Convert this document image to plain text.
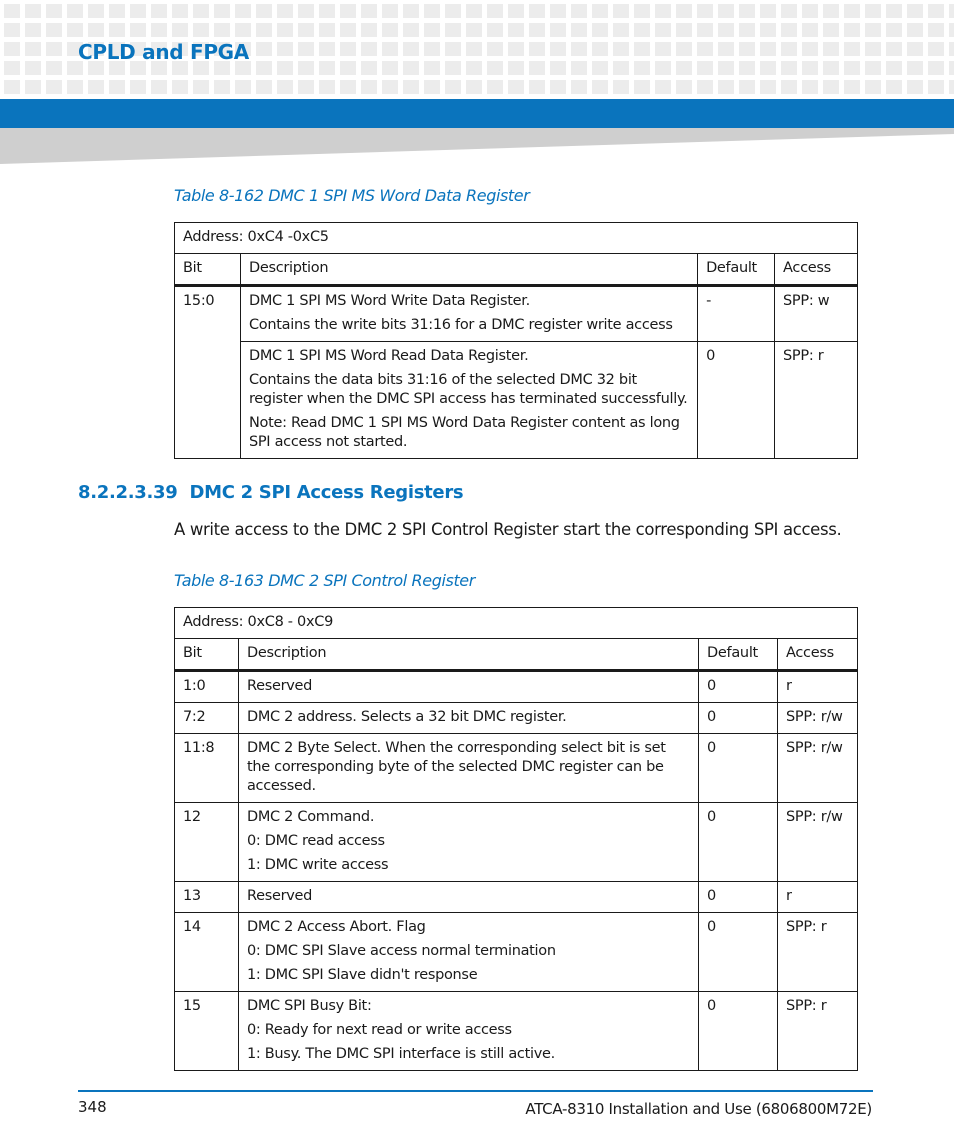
CPLD and FPGA

Table 8-162 DMC 1 SPI MS Word Data Register

Address: 0xC4 -0xC5			
Bit	Description	Default	Access
15:0	DMC 1 SPI MS Word Write Data Register.

Contains the write bits 31:16 for a DMC register write access	-	SPP: w

	DMC 1 SPI MS Word Read Data Register.

Contains the data bits 31:16 of the selected DMC 32 bit register when the DMC SPI access has terminated successfully.

Note: Read DMC 1 SPI MS Word Data Register content as long SPI access not started.	0	SPP: r
8.2.2.3.39 DMC 2 SPI Access Registers

A write access to the DMC 2 SPI Control Register start the corresponding SPI access.

Table 8-163 DMC 2 SPI Control Register

Address: 0xC8 - 0xC9			
Bit	Description	Default	Access
1:0	Reserved	0	r
7:2	DMC 2 address. Selects a 32 bit DMC register.	0	SPP: r/w
11:8	DMC 2 Byte Select. When the corresponding select bit is set the corresponding byte of the selected DMC register can be accessed.	0	SPP: r/w
12	DMC 2 Command.

0: DMC read access

1: DMC write access	0	SPP: r/w
13	Reserved	0	r
14	DMC 2 Access Abort. Flag

0: DMC SPI Slave access normal termination

1: DMC SPI Slave didn't response	0	SPP: r
15	DMC SPI Busy Bit:

0: Ready for next read or write access

1: Busy. The DMC SPI interface is still active.	0	SPP: r

348	ATCA-8310 Installation and Use (6806800M72E)
